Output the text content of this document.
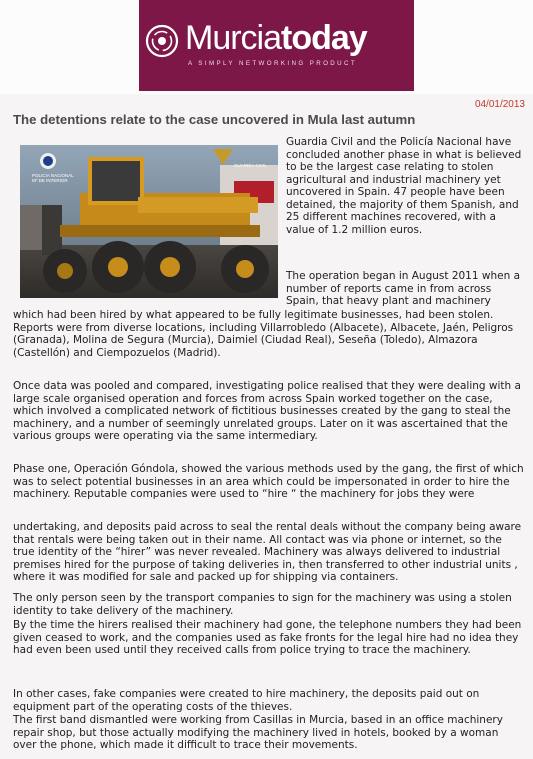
Murciatoday
A SIMPLY NETWORKING PRODUCT
04/01/2013
The detentions relate to the case uncovered in Mula last autumn
POLICIA NACIONAL
Mº DE INTERIOR
GUARDIA CIVIL

Guardia Civil and the Policía Nacional have concluded another phase in what is believed to be the largest case relating to stolen agricultural and industrial machinery yet uncovered in Spain. 47 people have been detained, the majority of them Spanish, and 25 different machines recovered, with a value of 1.2 million euros.

The operation began in August 2011 when a number of reports came in from across Spain, that heavy plant and machinery

which had been hired by what appeared to be fully legitimate businesses, had been stolen. Reports were from diverse locations, including Villarrobledo (Albacete), Albacete, Jaén, Peligros (Granada), Molina de Segura (Murcia), Daimiel (Ciudad Real), Seseña (Toledo), Almazora (Castellón) and Ciempozuelos (Madrid).

Once data was pooled and compared, investigating police realised that they were dealing with a large scale organised operation and forces from across Spain worked together on the case, which involved a complicated network of fictitious businesses created by the gang to steal the machinery, and a number of seemingly unrelated groups. Later on it was ascertained that the various groups were operating via the same intermediary.

Phase one, Operación Góndola, showed the various methods used by the gang, the first of which was to select potential businesses in an area which could be impersonated in order to hire the machinery. Reputable companies were used to “hire “ the machinery for jobs they were

undertaking, and deposits paid across to seal the rental deals without the company being aware that rentals were being taken out in their name. All contact was via phone or internet, so the true identity of the “hirer” was never revealed. Machinery was always delivered to industrial premises hired for the purpose of taking deliveries in, then transferred to other industrial units , where it was modified for sale and packed up for shipping via containers.

The only person seen by the transport companies to sign for the machinery was using a stolen identity to take delivery of the machinery.

By the time the hirers realised their machinery had gone, the telephone numbers they had been given ceased to work, and the companies used as fake fronts for the legal hire had no idea they had even been used until they received calls from police trying to trace the machinery.

In other cases, fake companies were created to hire machinery, the deposits paid out on equipment part of the operating costs of the thieves.

The first band dismantled were working from Casillas in Murcia, based in an office machinery repair shop, but those actually modifying the machinery lived in hotels, booked by a woman over the phone, which made it difficult to trace their movements.
